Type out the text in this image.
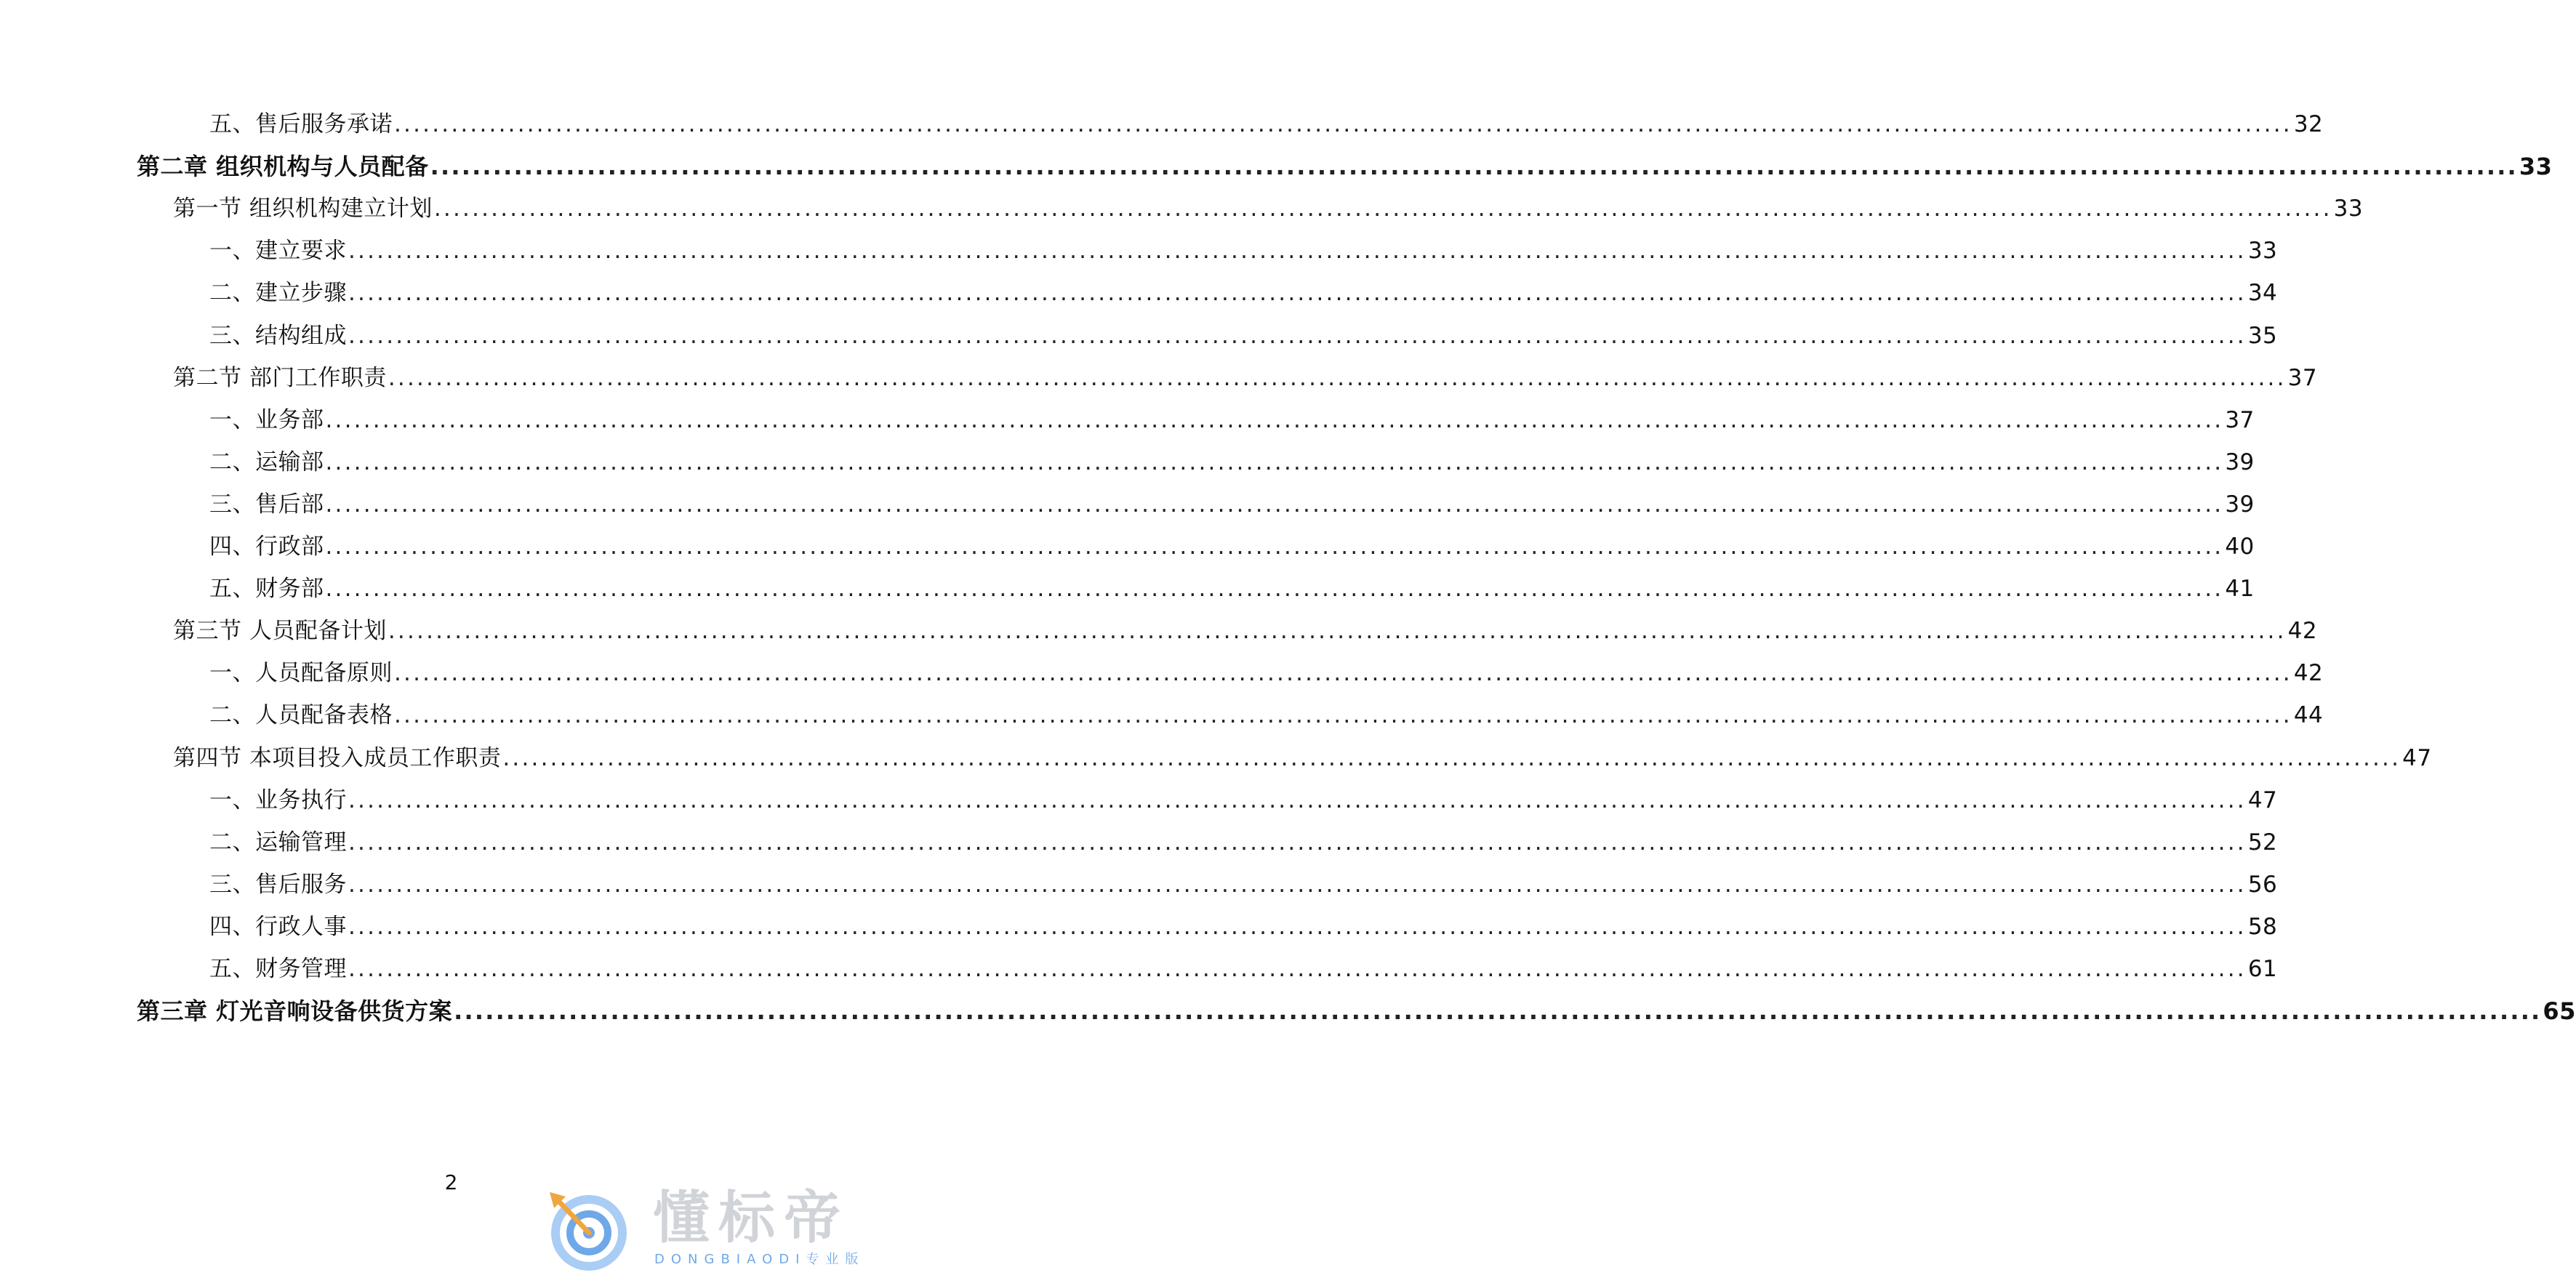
五、售后服务承诺 ........................................................................................................................................................................................................ 32
第二章 组织机构与人员配备 ........................................................................................................................................................................................................ 33
第一节 组织机构建立计划 ........................................................................................................................................................................................................ 33
一、建立要求 ........................................................................................................................................................................................................ 33
二、建立步骤 ........................................................................................................................................................................................................ 34
三、结构组成 ........................................................................................................................................................................................................ 35
第二节 部门工作职责 ........................................................................................................................................................................................................ 37
一、业务部 ........................................................................................................................................................................................................ 37
二、运输部 ........................................................................................................................................................................................................ 39
三、售后部 ........................................................................................................................................................................................................ 39
四、行政部 ........................................................................................................................................................................................................ 40
五、财务部 ........................................................................................................................................................................................................ 41
第三节 人员配备计划 ........................................................................................................................................................................................................ 42
一、人员配备原则 ........................................................................................................................................................................................................ 42
二、人员配备表格 ........................................................................................................................................................................................................ 44
第四节 本项目投入成员工作职责 ........................................................................................................................................................................................................ 47
一、业务执行 ........................................................................................................................................................................................................ 47
二、运输管理 ........................................................................................................................................................................................................ 52
三、售后服务 ........................................................................................................................................................................................................ 56
四、行政人事 ........................................................................................................................................................................................................ 58
五、财务管理 ........................................................................................................................................................................................................ 61
第三章 灯光音响设备供货方案 ........................................................................................................................................................................................................ 65
2
懂标帝
DONGBIAODI专业版
